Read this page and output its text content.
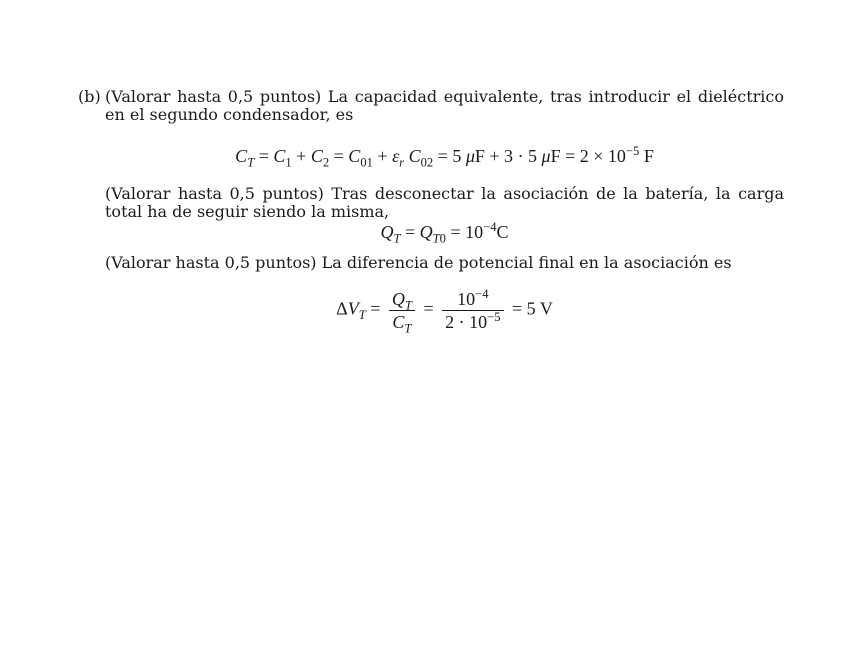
(b) (Valorar hasta 0,5 puntos) La capacidad equivalente, tras introducir el dieléctrico en el segundo condensador, es
$C_T = C_1 + C_2 = C_{01} + \varepsilon_r$ $C_{02} = 5$ μF + 3 · 5 $\mu F = 2 \times 10^{-5}$ F
(Valorar hasta 0,5 puntos) Tras desconectar la asociación de la batería, la carga total ha de seguir siendo la misma,
$Q_T = Q_{T0} = 10^{-4}C$
(Valorar hasta 0,5 puntos) La diferencia de potencial final en la asociación es
$\Delta V_T = \frac{Q_T}{C_T} = \frac{10^{-4}}{2 \cdot 10^{-5}} = 5$ V
